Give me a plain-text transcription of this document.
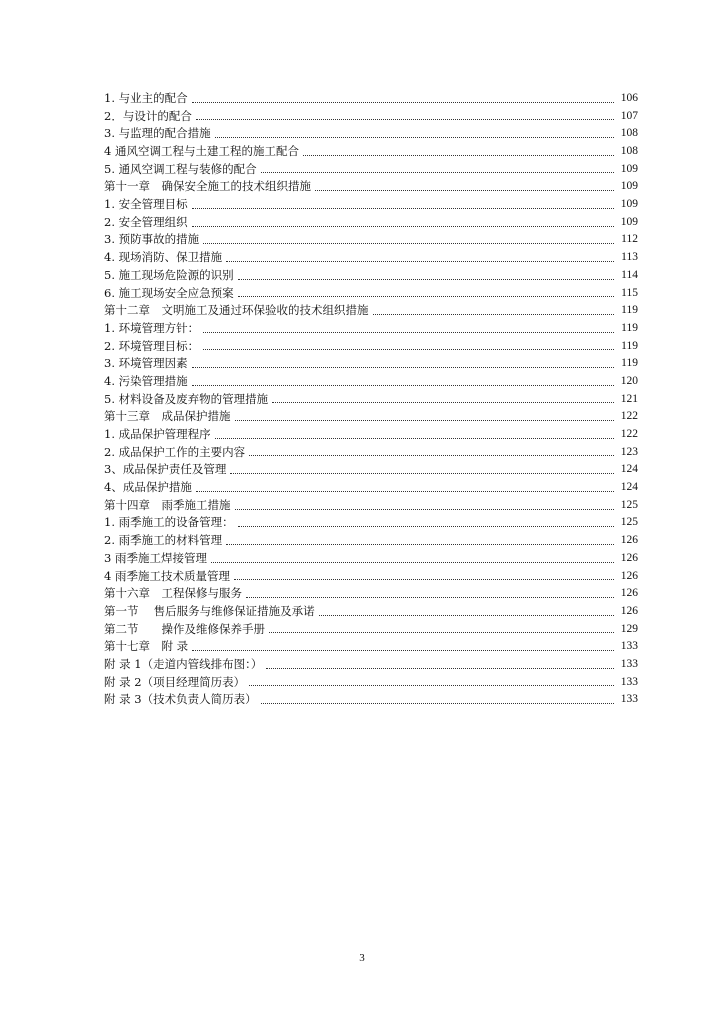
1. 与业主的配合	106
2．与设计的配合	107
3. 与监理的配合措施	108
4 通风空调工程与土建工程的施工配合	108
5. 通风空调工程与装修的配合	109
第十一章　确保安全施工的技术组织措施	109
1. 安全管理目标	109
2. 安全管理组织	109
3. 预防事故的措施	112
4. 现场消防、保卫措施	113
5. 施工现场危险源的识别	114
6. 施工现场安全应急预案	115
第十二章　文明施工及通过环保验收的技术组织措施	119
1. 环境管理方针：	119
2. 环境管理目标：	119
3. 环境管理因素	119
4. 污染管理措施	120
5. 材料设备及废弃物的管理措施	121
第十三章　成品保护措施	122
1. 成品保护管理程序	122
2. 成品保护工作的主要内容	123
3、成品保护责任及管理	124
4、成品保护措施	124
第十四章　雨季施工措施	125
1. 雨季施工的设备管理：	125
2. 雨季施工的材料管理	126
3 雨季施工焊接管理	126
4 雨季施工技术质量管理	126
第十六章　工程保修与服务	126
第一节　 售后服务与维修保证措施及承诺	126
第二节　　操作及维修保养手册	129
第十七章　附 录	133
附 录 1（走道内管线排布图：）	133
附 录 2（项目经理简历表）	133
附 录 3（技术负责人简历表）	133
3
